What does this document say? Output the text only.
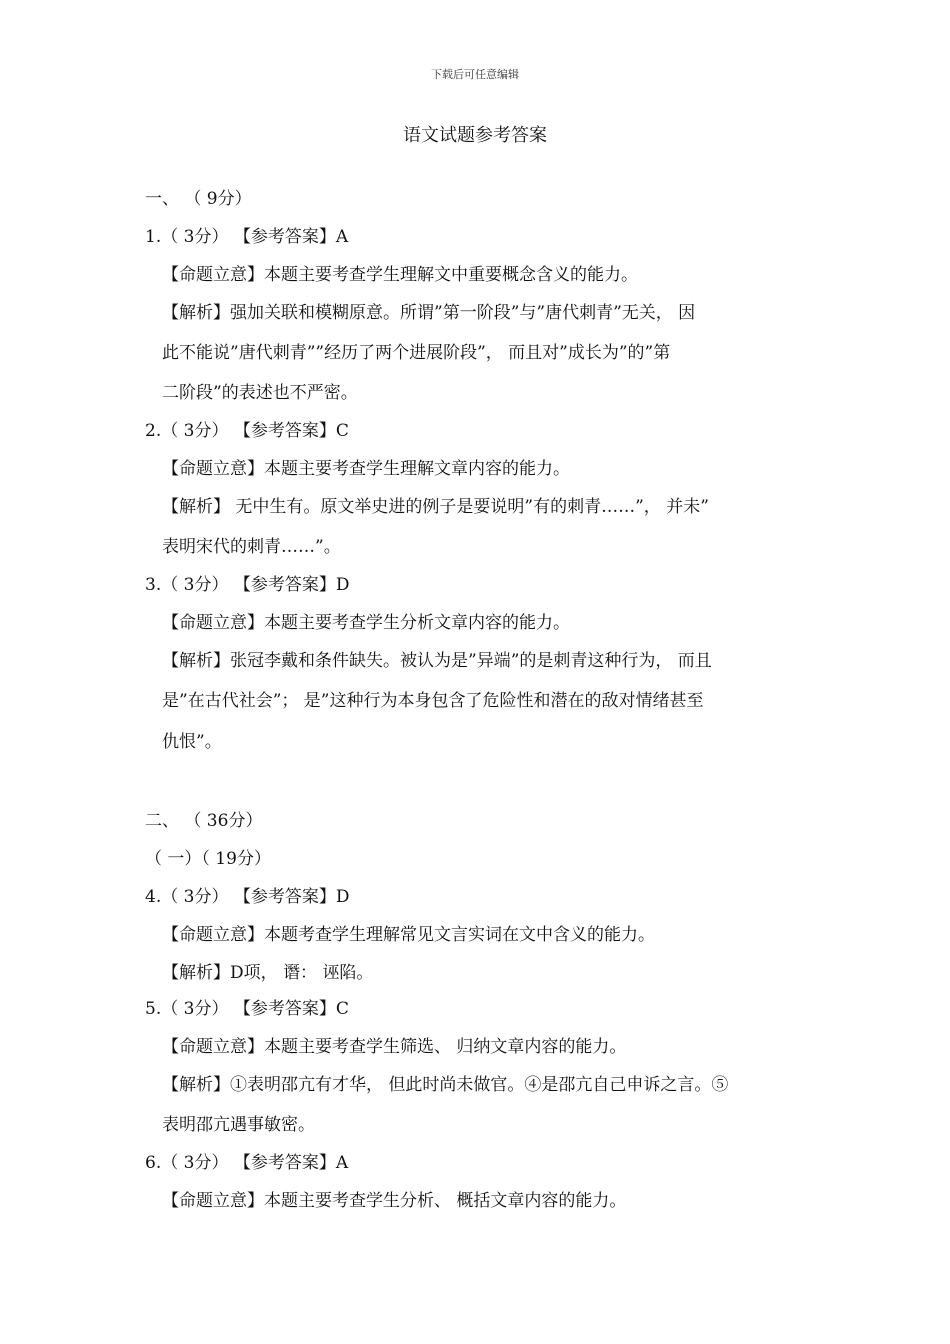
下载后可任意编辑
语文试题参考答案
一、 （ 9分）
1.（ 3分） 【参考答案】A
【命题立意】本题主要考查学生理解文中重要概念含义的能力。
【解析】强加关联和模糊原意。所谓”第一阶段”与”唐代刺青”无关， 因
此不能说”唐代刺青””经历了两个进展阶段”， 而且对”成长为”的”第
二阶段”的表述也不严密。
2.（ 3分） 【参考答案】C
【命题立意】本题主要考查学生理解文章内容的能力。
【解析】 无中生有。原文举史进的例子是要说明”有的刺青……”， 并未”
表明宋代的刺青……”。
3.（ 3分） 【参考答案】D
【命题立意】本题主要考查学生分析文章内容的能力。
【解析】张冠李戴和条件缺失。被认为是”异端”的是刺青这种行为， 而且
是”在古代社会”； 是”这种行为本身包含了危险性和潜在的敌对情绪甚至
仇恨”。
二、 （ 36分）
（ 一）（ 19分）
4.（ 3分） 【参考答案】D
【命题立意】本题考查学生理解常见文言实词在文中含义的能力。
【解析】D项， 谮： 诬陷。
5.（ 3分） 【参考答案】C
【命题立意】本题主要考查学生筛选、 归纳文章内容的能力。
【解析】①表明邵亢有才华， 但此时尚未做官。④是邵亢自己申诉之言。⑤
表明邵亢遇事敏密。
6.（ 3分） 【参考答案】A
【命题立意】本题主要考查学生分析、 概括文章内容的能力。
